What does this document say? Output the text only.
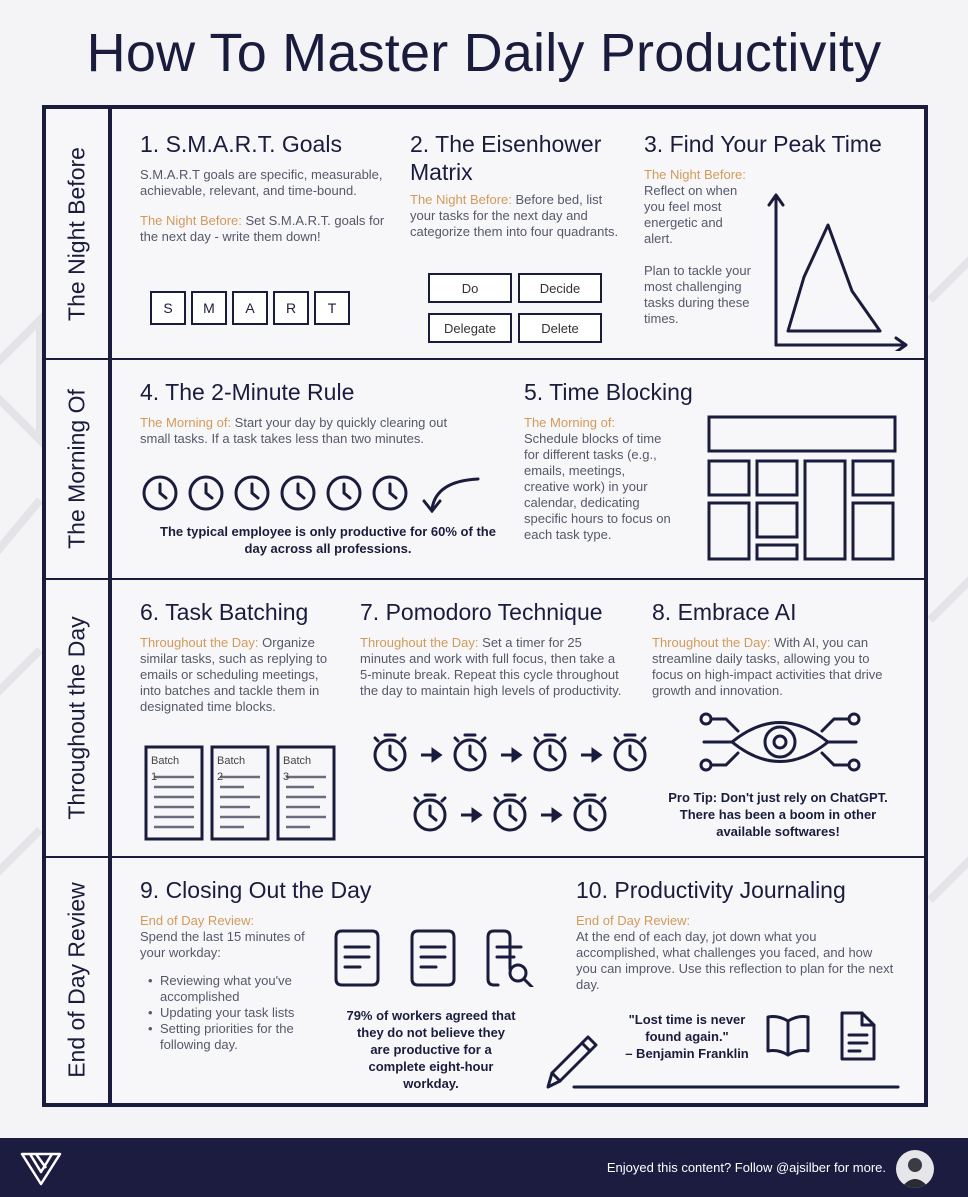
How To Master Daily Productivity
The Night Before
The Morning Of
Throughout the Day
End of Day Review
1. S.M.A.R.T. Goals

S.M.A.R.T goals are specific, measurable, achievable, relevant, and time-bound.

The Night Before: Set S.M.A.R.T. goals for the next day - write them down!

S M A R T
2. The Eisenhower Matrix

The Night Before: Before bed, list your tasks for the next day and categorize them into four quadrants.

Do	Decide
Delegate	Delete
3. Find Your Peak Time

The Night Before:

Reflect on when you feel most energetic and alert.

Plan to tackle your most challenging tasks during these times.

4. The 2-Minute Rule

The Morning of: Start your day by quickly clearing out small tasks. If a task takes less than two minutes.

The typical employee is only productive for 60% of the day across all professions.

5. Time Blocking

The Morning of:

Schedule blocks of time for different tasks (e.g., emails, meetings, creative work) in your calendar, dedicating specific hours to focus on each task type.

6. Task Batching

Throughout the Day: Organize similar tasks, such as replying to emails or scheduling meetings, into batches and tackle them in designated time blocks.

Batch 1
Batch 2
Batch 3
7. Pomodoro Technique

Throughout the Day: Set a timer for 25 minutes and work with full focus, then take a 5-minute break. Repeat this cycle throughout the day to maintain high levels of productivity.

8. Embrace AI

Throughout the Day: With AI, you can streamline daily tasks, allowing you to focus on high-impact activities that drive growth and innovation.

Pro Tip: Don't just rely on ChatGPT. There has been a boom in other available softwares!

9. Closing Out the Day

End of Day Review:

Spend the last 15 minutes of your workday:

• Reviewing what you've accomplished
• Updating your task lists
• Setting priorities for the following day.

79% of workers agreed that they do not believe they are productive for a complete eight-hour workday.

10. Productivity Journaling

End of Day Review:

At the end of each day, jot down what you accomplished, what challenges you faced, and how you can improve. Use this reflection to plan for the next day.

"Lost time is never found again."

– Benjamin Franklin

Enjoyed this content? Follow @ajsilber for more.
